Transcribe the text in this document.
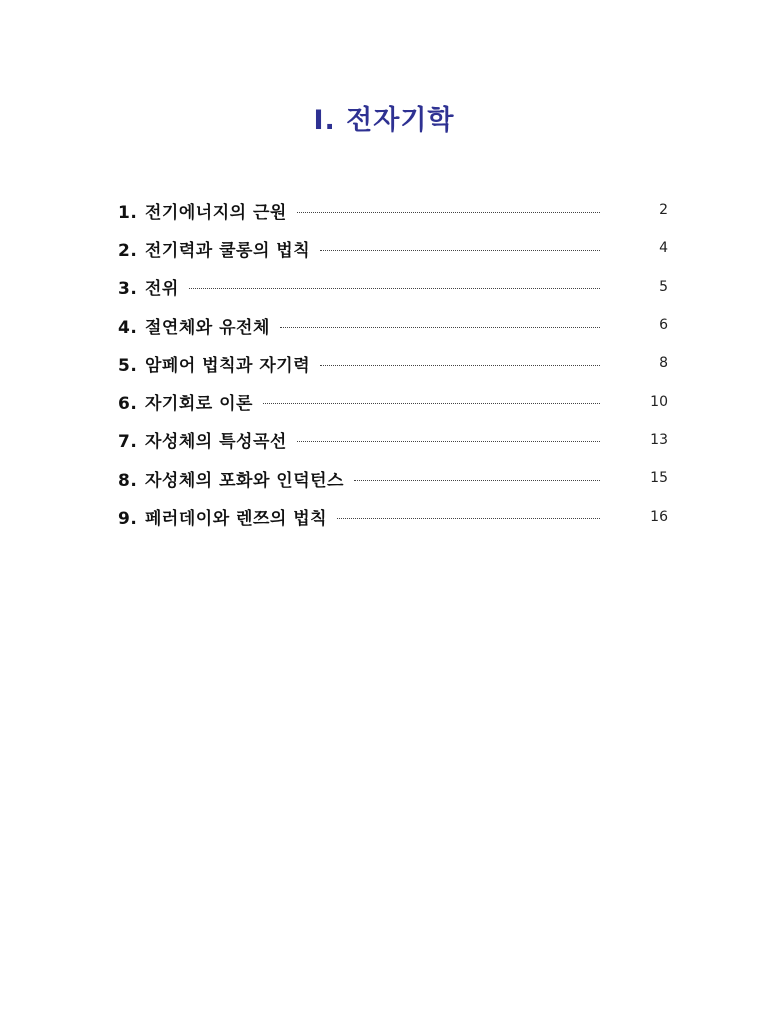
Ⅰ. 전자기학
1. 전기에너지의 근원	2
2. 전기력과 쿨롱의 법칙	4
3. 전위	5
4. 절연체와 유전체	6
5. 암페어 법칙과 자기력	8
6. 자기회로 이론	10
7. 자성체의 특성곡선	13
8. 자성체의 포화와 인덕턴스	15
9. 페러데이와 렌쯔의 법칙	16
